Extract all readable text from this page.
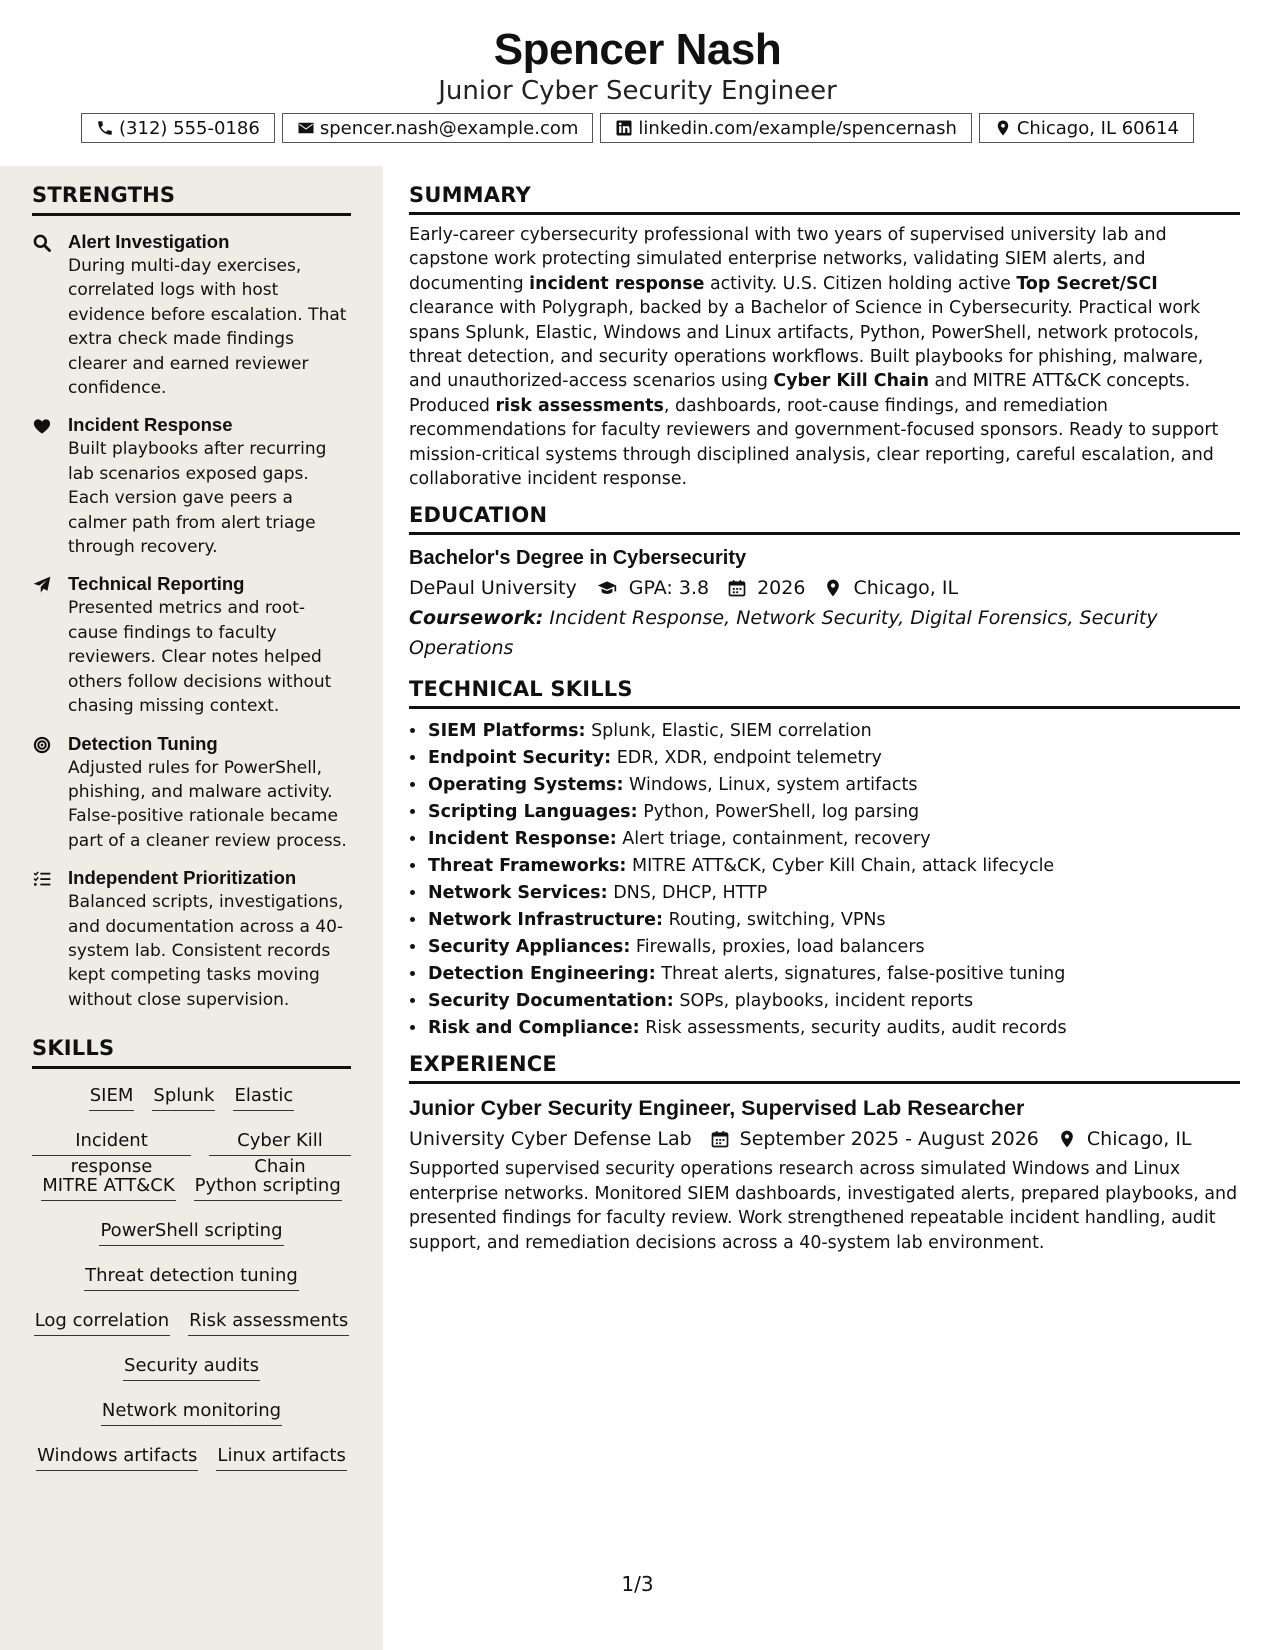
Spencer Nash
Junior Cyber Security Engineer
(312) 555-0186	spencer.nash@example.com	linkedin.com/example/spencernash	Chicago, IL 60614
STRENGTHS
Alert Investigation
During multi-day exercises, correlated logs with host evidence before escalation. That extra check made findings clearer and earned reviewer confidence.
Incident Response
Built playbooks after recurring lab scenarios exposed gaps. Each version gave peers a calmer path from alert triage through recovery.
Technical Reporting
Presented metrics and root-cause findings to faculty reviewers. Clear notes helped others follow decisions without chasing missing context.
Detection Tuning
Adjusted rules for PowerShell, phishing, and malware activity. False-positive rationale became part of a cleaner review process.
Independent Prioritization
Balanced scripts, investigations, and documentation across a 40-system lab. Consistent records kept competing tasks moving without close supervision.
SKILLS
SIEM Splunk Elastic
Incident response
Cyber Kill Chain
MITRE ATT&CK Python scripting
PowerShell scripting
Threat detection tuning
Log correlation Risk assessments
Security audits
Network monitoring
Windows artifacts Linux artifacts
SUMMARY
Early-career cybersecurity professional with two years of supervised university lab and capstone work protecting simulated enterprise networks, validating SIEM alerts, and documenting incident response activity. U.S. Citizen holding active Top Secret/SCI clearance with Polygraph, backed by a Bachelor of Science in Cybersecurity. Practical work spans Splunk, Elastic, Windows and Linux artifacts, Python, PowerShell, network protocols, threat detection, and security operations workflows. Built playbooks for phishing, malware, and unauthorized-access scenarios using Cyber Kill Chain and MITRE ATT&CK concepts. Produced risk assessments, dashboards, root-cause findings, and remediation recommendations for faculty reviewers and government-focused sponsors. Ready to support mission-critical systems through disciplined analysis, clear reporting, careful escalation, and collaborative incident response.
EDUCATION
Bachelor's Degree in Cybersecurity
DePaul University	GPA: 3.8	2026	Chicago, IL
Coursework: Incident Response, Network Security, Digital Forensics, Security Operations
TECHNICAL SKILLS
• SIEM Platforms: Splunk, Elastic, SIEM correlation
• Endpoint Security: EDR, XDR, endpoint telemetry
• Operating Systems: Windows, Linux, system artifacts
• Scripting Languages: Python, PowerShell, log parsing
• Incident Response: Alert triage, containment, recovery
• Threat Frameworks: MITRE ATT&CK, Cyber Kill Chain, attack lifecycle
• Network Services: DNS, DHCP, HTTP
• Network Infrastructure: Routing, switching, VPNs
• Security Appliances: Firewalls, proxies, load balancers
• Detection Engineering: Threat alerts, signatures, false-positive tuning
• Security Documentation: SOPs, playbooks, incident reports
• Risk and Compliance: Risk assessments, security audits, audit records
EXPERIENCE
Junior Cyber Security Engineer, Supervised Lab Researcher
University Cyber Defense Lab	September 2025 - August 2026	Chicago, IL
Supported supervised security operations research across simulated Windows and Linux enterprise networks. Monitored SIEM dashboards, investigated alerts, prepared playbooks, and presented findings for faculty review. Work strengthened repeatable incident handling, audit support, and remediation decisions across a 40-system lab environment.
1/3
